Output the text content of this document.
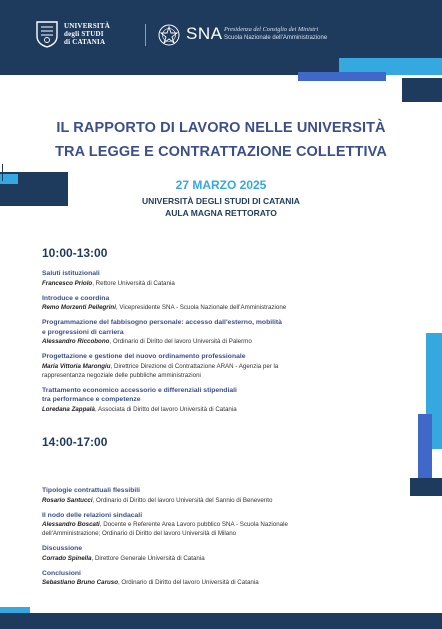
UNIVERSITÀ
degli STUDI
di CATANIA	SNA Presidenza del Consiglio dei Ministri
Scuola Nazionale dell'Amministrazione
IL RAPPORTO DI LAVORO NELLE UNIVERSITÀ
TRA LEGGE E CONTRATTAZIONE COLLETTIVA
27 MARZO 2025
UNIVERSITÀ DEGLI STUDI DI CATANIA
AULA MAGNA RETTORATO
10:00-13:00
Saluti istituzionali
Francesco Priolo, Rettore Università di Catania
Introduce e coordina
Remo Morzenti Pellegrini, Vicepresidente SNA - Scuola Nazionale dell'Amministrazione
Programmazione del fabbisogno personale: accesso dall'esterno, mobilità
e progressioni di carriera
Alessandro Riccobono, Ordinario di Diritto del lavoro Università di Palermo
Progettazione e gestione del nuovo ordinamento professionale
Maria Vittoria Marongiu, Direttrice Direzione di Contrattazione ARAN - Agenzia per la
rappresentanza negoziale delle pubbliche amministrazioni
Trattamento economico accessorio e differenziali stipendiali
tra performance e competenze
Loredana Zappalà, Associata di Diritto del lavoro Università di Catania
14:00-17:00
Tipologie contrattuali flessibili
Rosario Santucci, Ordinario di Diritto del lavoro Università del Sannio di Benevento
Il nodo delle relazioni sindacali
Alessandro Boscati, Docente e Referente Area Lavoro pubblico SNA - Scuola Nazionale
dell'Amministrazione; Ordinario di Diritto del lavoro Università di Milano
Discussione
Corrado Spinella, Direttore Generale Università di Catania
Conclusioni
Sebastiano Bruno Caruso, Ordinario di Diritto del lavoro Università di Catania
